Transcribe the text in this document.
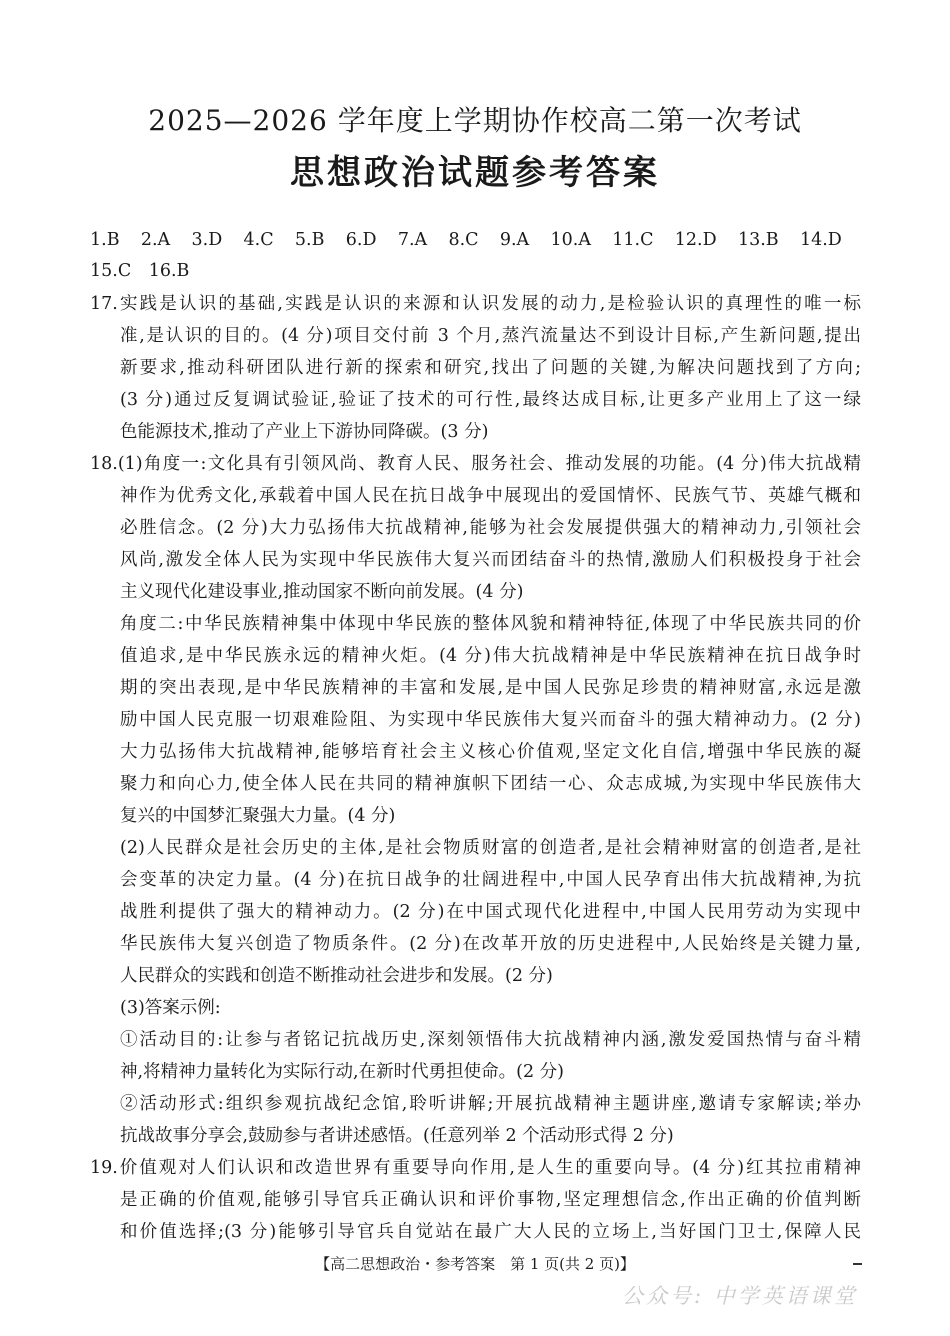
2025—2026 学年度上学期协作校高二第一次考试
思想政治试题参考答案
1.B 2.A 3.D 4.C 5.B 6.D 7.A 8.C 9.A 10.A 11.C 12.D 13.B 14.D
15.C　16.B
17.实践是认识的基础,实践是认识的来源和认识发展的动力,是检验认识的真理性的唯一标
准,是认识的目的。(4 分)项目交付前 3 个月,蒸汽流量达不到设计目标,产生新问题,提出
新要求,推动科研团队进行新的探索和研究,找出了问题的关键,为解决问题找到了方向;
(3 分)通过反复调试验证,验证了技术的可行性,最终达成目标,让更多产业用上了这一绿
色能源技术,推动了产业上下游协同降碳。(3 分)
18.(1)角度一:文化具有引领风尚、教育人民、服务社会、推动发展的功能。(4 分)伟大抗战精
神作为优秀文化,承载着中国人民在抗日战争中展现出的爱国情怀、民族气节、英雄气概和
必胜信念。(2 分)大力弘扬伟大抗战精神,能够为社会发展提供强大的精神动力,引领社会
风尚,激发全体人民为实现中华民族伟大复兴而团结奋斗的热情,激励人们积极投身于社会
主义现代化建设事业,推动国家不断向前发展。(4 分)
角度二:中华民族精神集中体现中华民族的整体风貌和精神特征,体现了中华民族共同的价
值追求,是中华民族永远的精神火炬。(4 分)伟大抗战精神是中华民族精神在抗日战争时
期的突出表现,是中华民族精神的丰富和发展,是中国人民弥足珍贵的精神财富,永远是激
励中国人民克服一切艰难险阻、为实现中华民族伟大复兴而奋斗的强大精神动力。(2 分)
大力弘扬伟大抗战精神,能够培育社会主义核心价值观,坚定文化自信,增强中华民族的凝
聚力和向心力,使全体人民在共同的精神旗帜下团结一心、众志成城,为实现中华民族伟大
复兴的中国梦汇聚强大力量。(4 分)
(2)人民群众是社会历史的主体,是社会物质财富的创造者,是社会精神财富的创造者,是社
会变革的决定力量。(4 分)在抗日战争的壮阔进程中,中国人民孕育出伟大抗战精神,为抗
战胜利提供了强大的精神动力。(2 分)在中国式现代化进程中,中国人民用劳动为实现中
华民族伟大复兴创造了物质条件。(2 分)在改革开放的历史进程中,人民始终是关键力量,
人民群众的实践和创造不断推动社会进步和发展。(2 分)
(3)答案示例:
①活动目的:让参与者铭记抗战历史,深刻领悟伟大抗战精神内涵,激发爱国热情与奋斗精
神,将精神力量转化为实际行动,在新时代勇担使命。(2 分)
②活动形式:组织参观抗战纪念馆,聆听讲解;开展抗战精神主题讲座,邀请专家解读;举办
抗战故事分享会,鼓励参与者讲述感悟。(任意列举 2 个活动形式得 2 分)
19.价值观对人们认识和改造世界有重要导向作用,是人生的重要向导。(4 分)红其拉甫精神
是正确的价值观,能够引导官兵正确认识和评价事物,坚定理想信念,作出正确的价值判断
和价值选择;(3 分)能够引导官兵自觉站在最广大人民的立场上,当好国门卫士,保障人民
【高二思想政治・参考答案　第 1 页(共 2 页)】
公众号: 中学英语课堂
